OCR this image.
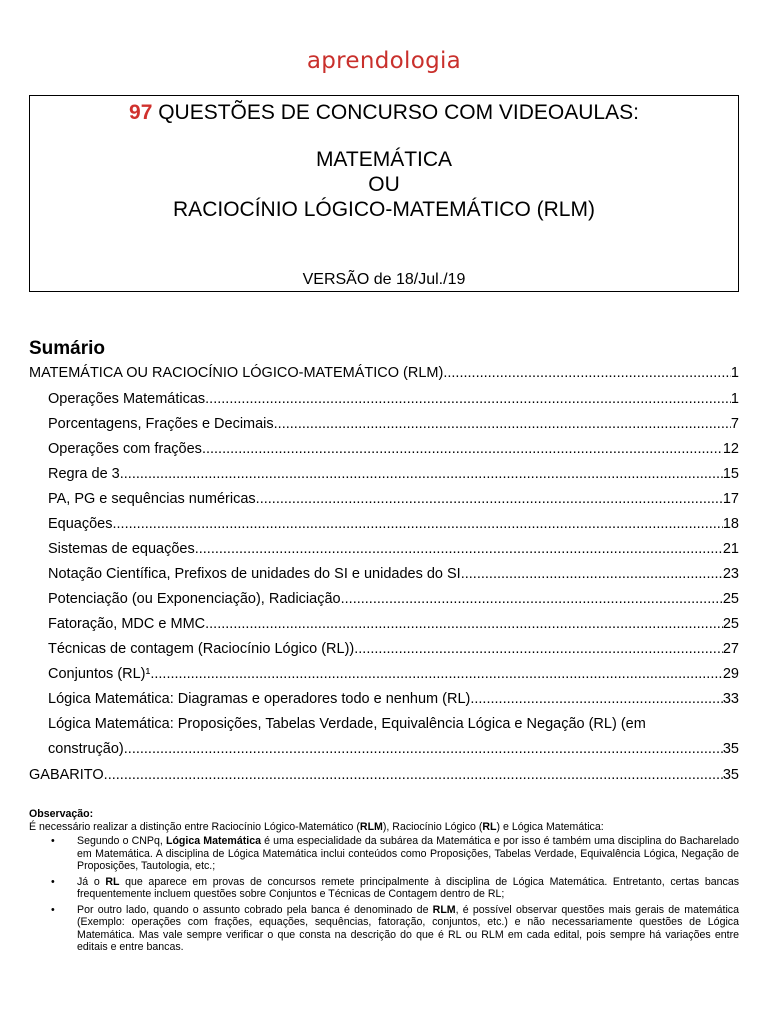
aprendologia
97 QUESTÕES DE CONCURSO COM VIDEOAULAS:
MATEMÁTICA
OU
RACIOCÍNIO LÓGICO-MATEMÁTICO (RLM)
VERSÃO de 18/Jul./19
Sumário
MATEMÁTICA OU RACIOCÍNIO LÓGICO-MATEMÁTICO (RLM) .....	1
Operações Matemáticas .....	1
Porcentagens, Frações e Decimais .....	7
Operações com frações .....	12
Regra de 3 .....	15
PA, PG e sequências numéricas .....	17
Equações .....	18
Sistemas de equações .....	21
Notação Científica, Prefixos de unidades do SI e unidades do SI .....	23
Potenciação (ou Exponenciação), Radiciação .....	25
Fatoração, MDC e MMC .....	25
Técnicas de contagem (Raciocínio Lógico (RL)) .....	27
Conjuntos (RL)¹ .....	29
Lógica Matemática: Diagramas e operadores todo e nenhum (RL) .....	33
Lógica Matemática: Proposições, Tabelas Verdade, Equivalência Lógica e Negação (RL) (em
construção) .....	35
GABARITO .....	35
Observação:
É necessário realizar a distinção entre Raciocínio Lógico-Matemático (RLM), Raciocínio Lógico (RL) e Lógica Matemática:
• Segundo o CNPq, Lógica Matemática é uma especialidade da subárea da Matemática e por isso é também uma disciplina do Bacharelado em Matemática. A disciplina de Lógica Matemática inclui conteúdos como Proposições, Tabelas Verdade, Equivalência Lógica, Negação de Proposições, Tautologia, etc.;
• Já o RL que aparece em provas de concursos remete principalmente à disciplina de Lógica Matemática. Entretanto, certas bancas frequentemente incluem questões sobre Conjuntos e Técnicas de Contagem dentro de RL;
• Por outro lado, quando o assunto cobrado pela banca é denominado de RLM, é possível observar questões mais gerais de matemática (Exemplo: operações com frações, equações, sequências, fatoração, conjuntos, etc.) e não necessariamente questões de Lógica Matemática. Mas vale sempre verificar o que consta na descrição do que é RL ou RLM em cada edital, pois sempre há variações entre editais e entre bancas.
